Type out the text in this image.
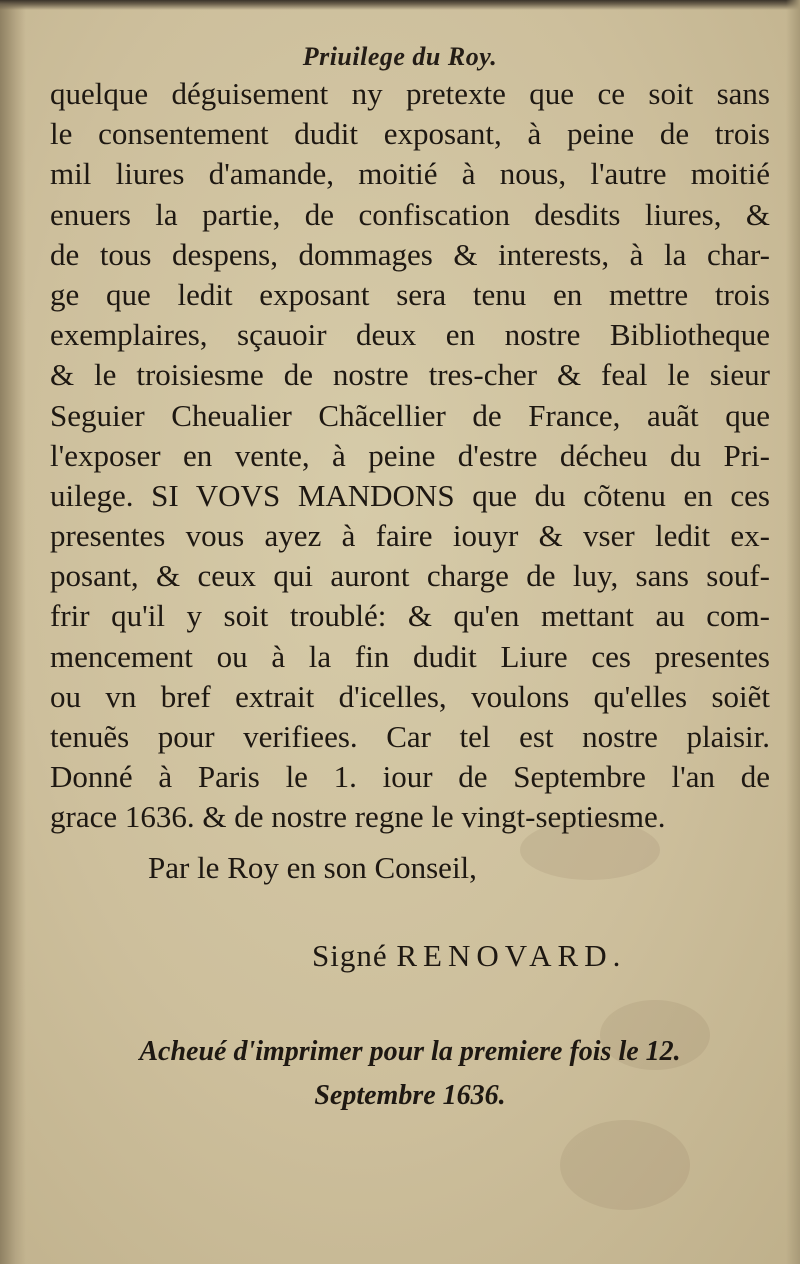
Priuilege du Roy.
quelque déguisement ny pretexte que ce soit sans
le consentement dudit exposant, à peine de trois
mil liures d'amande, moitié à nous, l'autre moitié
enuers la partie, de confiscation desdits liures, &
de tous despens, dommages & interests, à la char-
ge que ledit exposant sera tenu en mettre trois
exemplaires, sçauoir deux en nostre Bibliotheque
& le troisiesme de nostre tres-cher & feal le sieur
Seguier Cheualier Chãcellier de France, auãt que
l'exposer en vente, à peine d'estre décheu du Pri-
uilege. SI VOVS MANDONS que du cõtenu en ces
presentes vous ayez à faire iouyr & vser ledit ex-
posant, & ceux qui auront charge de luy, sans souf-
frir qu'il y soit troublé: & qu'en mettant au com-
mencement ou à la fin dudit Liure ces presentes
ou vn bref extrait d'icelles, voulons qu'elles soiẽt
tenuẽs pour verifiees. Car tel est nostre plaisir.
Donné à Paris le 1. iour de Septembre l'an de
grace 1636. & de nostre regne le vingt-septiesme.
Par le Roy en son Conseil,
Signé RENOVARD.
Acheué d'imprimer pour la premiere fois le 12.
Septembre 1636.
